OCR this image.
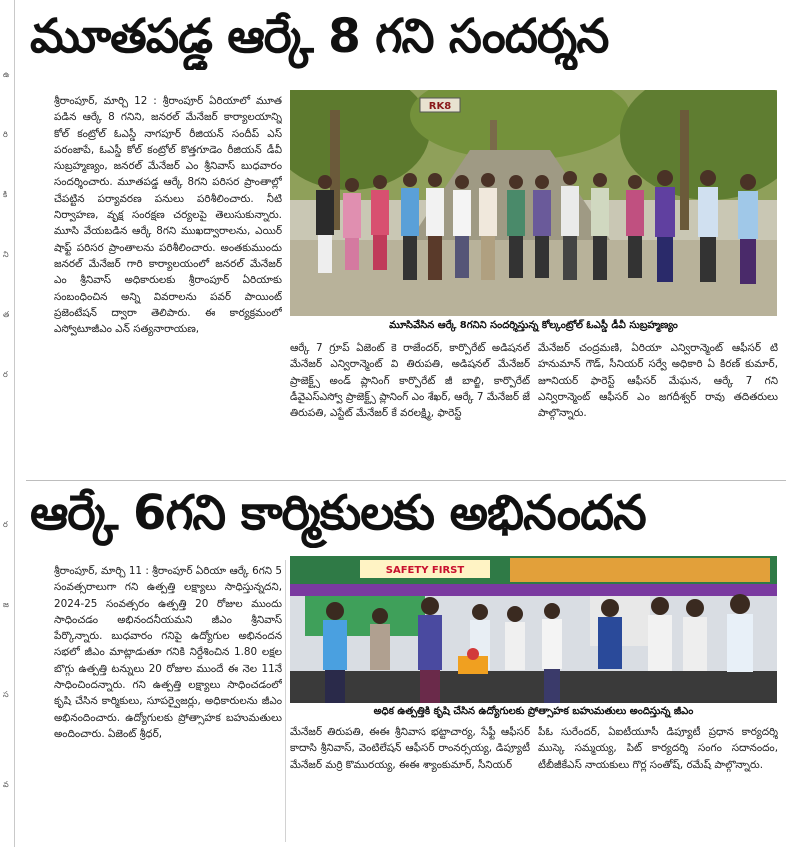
ఉ
రి
కి
ని
త
ర
ర
జ
స
వ
మూతపడ్డ ఆర్కే 8 గని సందర్శన
శ్రీరాంపూర్, మార్చి 12 : శ్రీరాంపూర్ ఏరియాలో మూత పడిన ఆర్కే 8 గనిని, జనరల్ మేనేజర్ కార్యాలయాన్ని కోల్ కంట్రోల్ ఓఎస్డీ నాగపూర్ రీజియన్ సందీప్ ఎస్ పరంజాపే, ఓఎస్డీ కోల్ కంట్రోల్ కొత్తగూడెం రీజియన్ డీవీ సుబ్రహ్మణ్యం, జనరల్ మేనేజర్ ఎం శ్రీనివాస్ బుధవారం సందర్శించారు. మూతపడ్డ ఆర్కే 8గని పరిసర ప్రాంతాల్లో చేపట్టిన పర్యావరణ పనులు పరిశీలించారు. నీటి నిర్వాహణ, వృక్ష సంరక్షణ చర్యలపై తెలుసుకున్నారు. మూసి వేయబడిన ఆర్కే 8గని ముఖద్వారాలను, ఎయిర్ షాఫ్ట్ పరిసర ప్రాంతాలను పరిశీలించారు. అంతకుముందు జనరల్ మేనేజర్ గారి కార్యాలయంలో జనరల్ మేనేజర్ ఎం శ్రీనివాస్ అధికారులకు శ్రీరాంపూర్ ఏరియాకు సంబంధించిన అన్ని వివరాలను పవర్ పాయింట్ ప్రజెంటేషన్ ద్వారా తెలిపారు. ఈ కార్యక్రమంలో ఎస్వోటూజీఎం ఎన్ సత్యనారాయణ,
RK8
మూసివేసిన ఆర్కే 8గనిని సందర్శిస్తున్న కోల్కంట్రోల్ ఓఎస్డీ డీవీ సుబ్రహ్మణ్యం
ఆర్కే 7 గ్రూప్ ఏజెంట్ కె రాజేందర్, కార్పొరేట్ అడిషనల్ మేనేజర్ ఎన్విరాన్మెంట్ వి తిరుపతి, అడిషనల్ మేనేజర్ ప్రాజెక్ట్స్ అండ్ ప్లానింగ్ కార్పొరేట్ జీ బాల్జి, కార్పొరేట్ డీవైఎస్ఎస్వో ప్రాజెక్ట్స్ ప్లానింగ్ ఎం శేఖర్, ఆర్కే 7 మేనేజర్ జే తిరుపతి, ఎస్టేట్ మేనేజర్ కే వరలక్ష్మి, ఫారెస్ట్
మేనేజర్ చంద్రమణి, ఏరియా ఎన్విరాన్మెంట్ ఆఫీసర్ టి హనుమాన్ గౌడ్, సీనియర్ సర్వే అధికారి ఏ కిరణ్ కుమార్, జూనియర్ ఫారెస్ట్ ఆఫీసర్ మేఘన, ఆర్కే 7 గని ఎన్విరాన్మెంట్ ఆఫీసర్ ఎం జగదీశ్వర్ రావు తదితరులు పాల్గొన్నారు.
ఆర్కే 6గని కార్మికులకు అభినందన
శ్రీరాంపూర్, మార్చి 11 : శ్రీరాంపూర్ ఏరియా ఆర్కే 6గని 5 సంవత్సరాలుగా గని ఉత్పత్తి లక్ష్యాలు సాధిస్తున్నదని, 2024-25 సంవత్సరం ఉత్పత్తి 20 రోజుల ముందు సాధించడం అభినందనీయమని జీఎం శ్రీనివాస్ పేర్కొన్నారు. బుధవారం గనిపై ఉద్యోగుల అభినందన సభలో జీఎం మాట్లాడుతూ గనికి నిర్దేశించిన 1.80 లక్షల బొగ్గు ఉత్పత్తి టన్నులు 20 రోజుల ముందే ఈ నెల 11నే సాధించిందన్నారు. గని ఉత్పత్తి లక్ష్యాలు సాధించడంలో కృషి చేసిన కార్మికులు, సూపర్వైజర్లు, అధికారులను జీఎం అభినందించారు. ఉద్యోగులకు ప్రోత్సాహక బహుమతులు అందించారు. ఏజెంట్ శ్రీధర్,
SAFETY FIRST
అధిక ఉత్పత్తికి కృషి చేసిన ఉద్యోగులకు ప్రోత్సాహక బహుమతులు అందిస్తున్న జీఎం
మేనేజర్ తిరుపతి, ఈఈ శ్రీనివాస భట్టాచార్య, సేఫ్టీ ఆఫీసర్ కాదాసి శ్రీనివాస్, వెంటిలేషన్ ఆఫీసర్ రాంనర్సయ్య, డిప్యూటీ మేనేజర్ మర్రి కొమురయ్య, ఈఈ శ్యాంకుమార్, సీనియర్
పీఓ సురేందర్, ఏఐటీయూసీ డిప్యూటీ ప్రధాన కార్యదర్శి ముస్కె సమ్మయ్య, పిట్ కార్యదర్శి సంగం సదానందం, టీబీజీకేఎస్ నాయకులు గొర్ల సంతోష్, రమేష్ పాల్గొన్నారు.
